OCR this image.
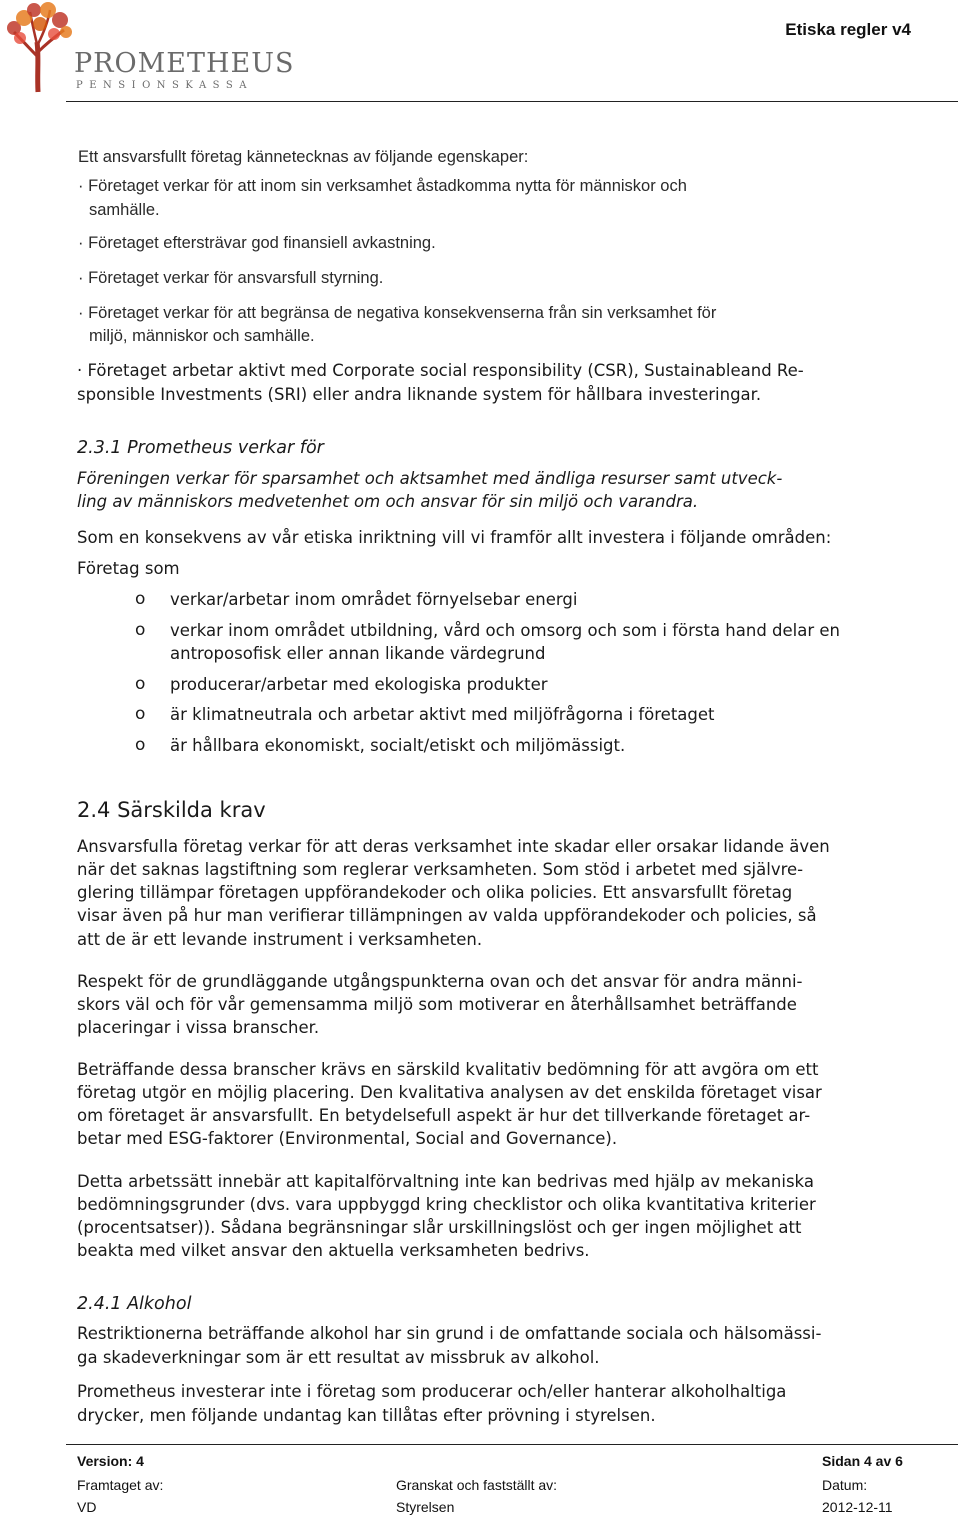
PROMETHEUS
PENSIONSKASSA
Etiska regler v4
Ett ansvarsfullt företag kännetecknas av följande egenskaper:
· Företaget verkar för att inom sin verksamhet åstadkomma nytta för människor och
samhälle.
· Företaget eftersträvar god finansiell avkastning.
· Företaget verkar för ansvarsfull styrning.
· Företaget verkar för att begränsa de negativa konsekvenserna från sin verksamhet för
miljö, människor och samhälle.
· Företaget arbetar aktivt med Corporate social responsibility (CSR), Sustainableand Re-
sponsible Investments (SRI) eller andra liknande system för hållbara investeringar.
2.3.1 Prometheus verkar för
Föreningen verkar för sparsamhet och aktsamhet med ändliga resurser samt utveck-
ling av människors medvetenhet om och ansvar för sin miljö och varandra.
Som en konsekvens av vår etiska inriktning vill vi framför allt investera i följande områden:
Företag som
o verkar/arbetar inom området förnyelsebar energi
o verkar inom området utbildning, vård och omsorg och som i första hand delar en
antroposofisk eller annan likande värdegrund
o producerar/arbetar med ekologiska produkter
o är klimatneutrala och arbetar aktivt med miljöfrågorna i företaget
o är hållbara ekonomiskt, socialt/etiskt och miljömässigt.
2.4 Särskilda krav
Ansvarsfulla företag verkar för att deras verksamhet inte skadar eller orsakar lidande även
när det saknas lagstiftning som reglerar verksamheten. Som stöd i arbetet med självre-
glering tillämpar företagen uppförandekoder och olika policies. Ett ansvarsfullt företag
visar även på hur man verifierar tillämpningen av valda uppförandekoder och policies, så
att de är ett levande instrument i verksamheten.
Respekt för de grundläggande utgångspunkterna ovan och det ansvar för andra männi-
skors väl och för vår gemensamma miljö som motiverar en återhållsamhet beträffande
placeringar i vissa branscher.
Beträffande dessa branscher krävs en särskild kvalitativ bedömning för att avgöra om ett
företag utgör en möjlig placering. Den kvalitativa analysen av det enskilda företaget visar
om företaget är ansvarsfullt. En betydelsefull aspekt är hur det tillverkande företaget ar-
betar med ESG-faktorer (Environmental, Social and Governance).
Detta arbetssätt innebär att kapitalförvaltning inte kan bedrivas med hjälp av mekaniska
bedömningsgrunder (dvs. vara uppbyggd kring checklistor och olika kvantitativa kriterier
(procentsatser)). Sådana begränsningar slår urskillningslöst och ger ingen möjlighet att
beakta med vilket ansvar den aktuella verksamheten bedrivs.
2.4.1 Alkohol
Restriktionerna beträffande alkohol har sin grund i de omfattande sociala och hälsomässi-
ga skadeverkningar som är ett resultat av missbruk av alkohol.
Prometheus investerar inte i företag som producerar och/eller hanterar alkoholhaltiga
drycker, men följande undantag kan tillåtas efter prövning i styrelsen.
Version: 4	Sidan 4 av 6
Framtaget av:	Granskat och fastställt av:	Datum:
VD	Styrelsen	2012-12-11
